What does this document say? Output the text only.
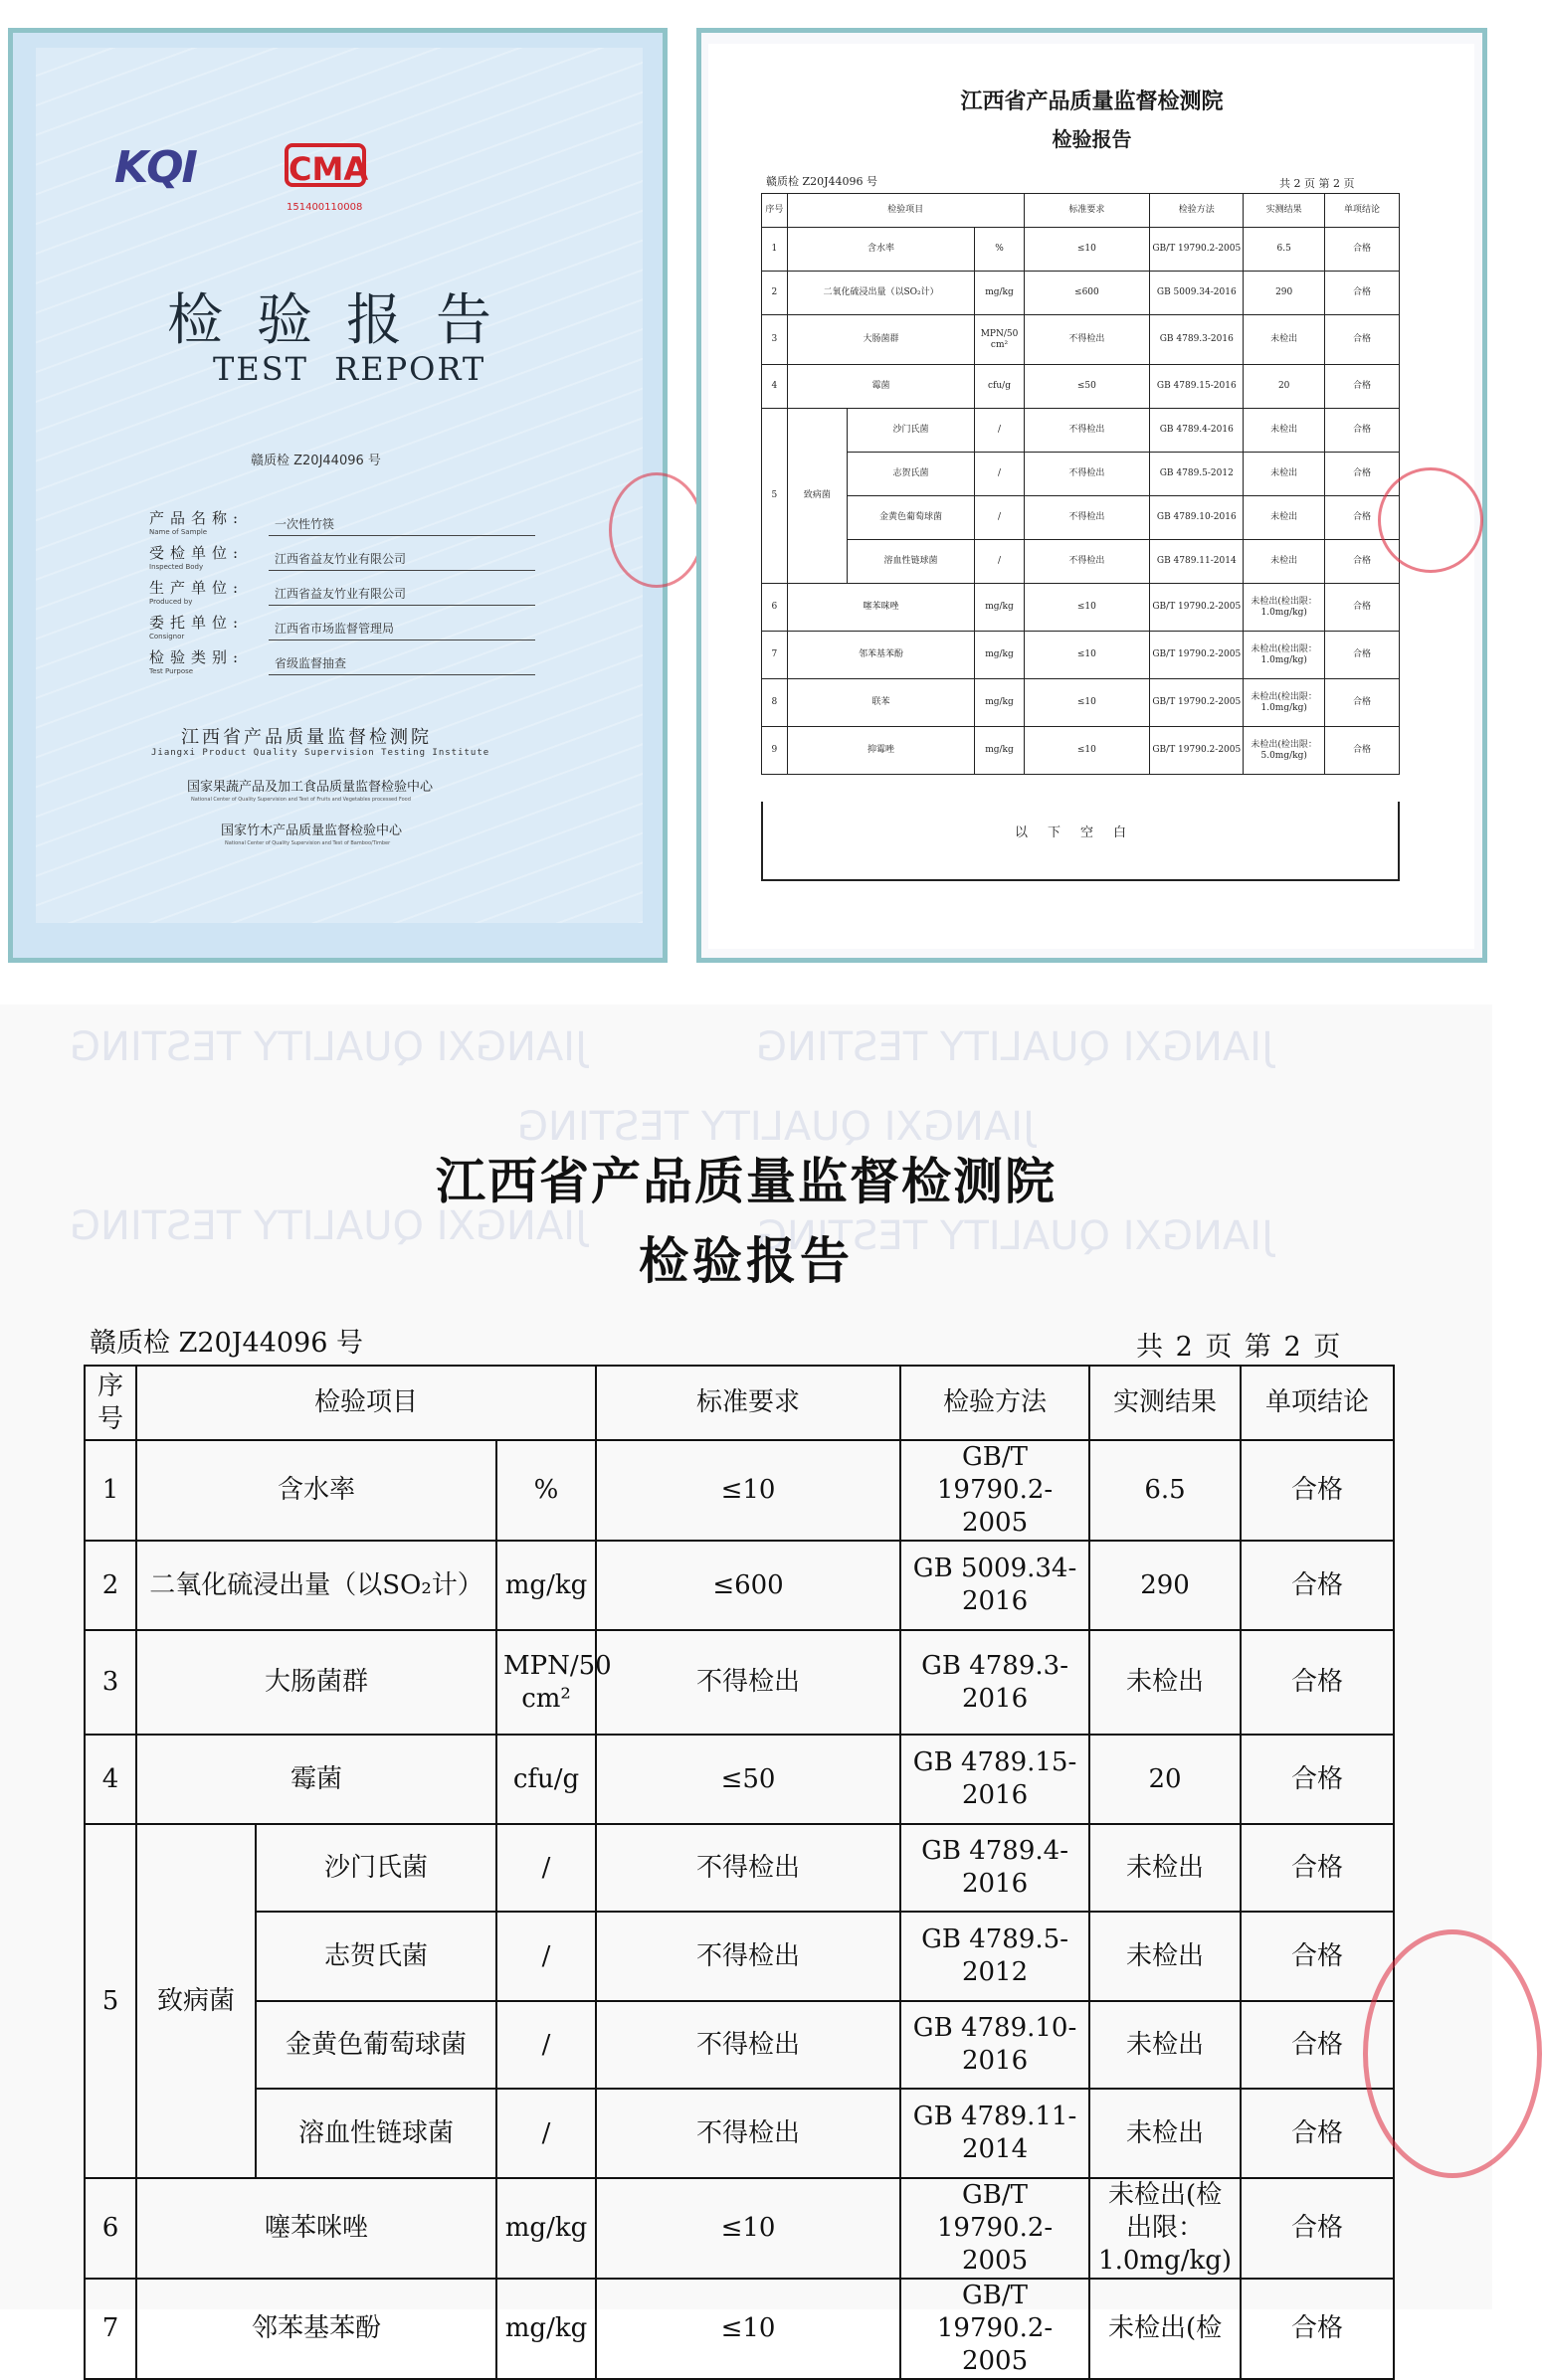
KQI	CMA
151400110008
检验报告
TEST REPORT
赣质检 Z20J44096 号
产品名称:
Name of Sample
一次性竹筷
受检单位:
Inspected Body
江西省益友竹业有限公司
生产单位:
Produced by
江西省益友竹业有限公司
委托单位:
Consignor
江西省市场监督管理局
检验类别:
Test Purpose
省级监督抽查
江西省产品质量监督检测院
Jiangxi Product Quality Supervision Testing Institute
国家果蔬产品及加工食品质量监督检验中心
National Center of Quality Supervision and Test of Fruits and Vegetables processed Food
国家竹木产品质量监督检验中心
National Center of Quality Supervision and Test of Bamboo/Timber
江西省产品质量监督检测院
检验报告
赣质检 Z20J44096 号	共 2 页 第 2 页
序号	检验项目			标准要求	检验方法	实测结果	单项结论
1	含水率		%	≤10	GB/T 19790.2-2005	6.5	合格
2	二氧化硫浸出量（以SO₂计）		mg/kg	≤600	GB 5009.34-2016	290	合格
3	大肠菌群		MPN/50 cm²	不得检出	GB 4789.3-2016	未检出	合格
4	霉菌		cfu/g	≤50	GB 4789.15-2016	20	合格
5	致病菌	沙门氏菌	/	不得检出	GB 4789.4-2016	未检出	合格
		志贺氏菌	/	不得检出	GB 4789.5-2012	未检出	合格
		金黄色葡萄球菌	/	不得检出	GB 4789.10-2016	未检出	合格
		溶血性链球菌	/	不得检出	GB 4789.11-2014	未检出	合格
6	噻苯咪唑		mg/kg	≤10	GB/T 19790.2-2005	未检出(检出限：1.0mg/kg)	合格
7	邻苯基苯酚		mg/kg	≤10	GB/T 19790.2-2005	未检出(检出限：1.0mg/kg)	合格
8	联苯		mg/kg	≤10	GB/T 19790.2-2005	未检出(检出限：1.0mg/kg)	合格
9	抑霉唑		mg/kg	≤10	GB/T 19790.2-2005	未检出(检出限：5.0mg/kg)	合格
以下空白
JIANGXI QUALITY TESTING	JIANGXI QUALITY TESTING
JIANGXI QUALITY TESTING
JIANGXI QUALITY TESTING	JIANGXI QUALITY TESTING
江西省产品质量监督检测院
检验报告
赣质检 Z20J44096 号	共 2 页 第 2 页
序号	检验项目			标准要求	检验方法	实测结果	单项结论
1	含水率		%	≤10	GB/T 19790.2-2005	6.5	合格
2	二氧化硫浸出量（以SO₂计）		mg/kg	≤600	GB 5009.34-2016	290	合格
3	大肠菌群		MPN/50 cm²	不得检出	GB 4789.3-2016	未检出	合格
4	霉菌		cfu/g	≤50	GB 4789.15-2016	20	合格
5	致病菌	沙门氏菌	/	不得检出	GB 4789.4-2016	未检出	合格
		志贺氏菌	/	不得检出	GB 4789.5-2012	未检出	合格
		金黄色葡萄球菌	/	不得检出	GB 4789.10-2016	未检出	合格
		溶血性链球菌	/	不得检出	GB 4789.11-2014	未检出	合格
6	噻苯咪唑		mg/kg	≤10	GB/T 19790.2-2005	未检出(检出限：1.0mg/kg)	合格
7	邻苯基苯酚		mg/kg	≤10	GB/T 19790.2-2005	未检出(检	合格
